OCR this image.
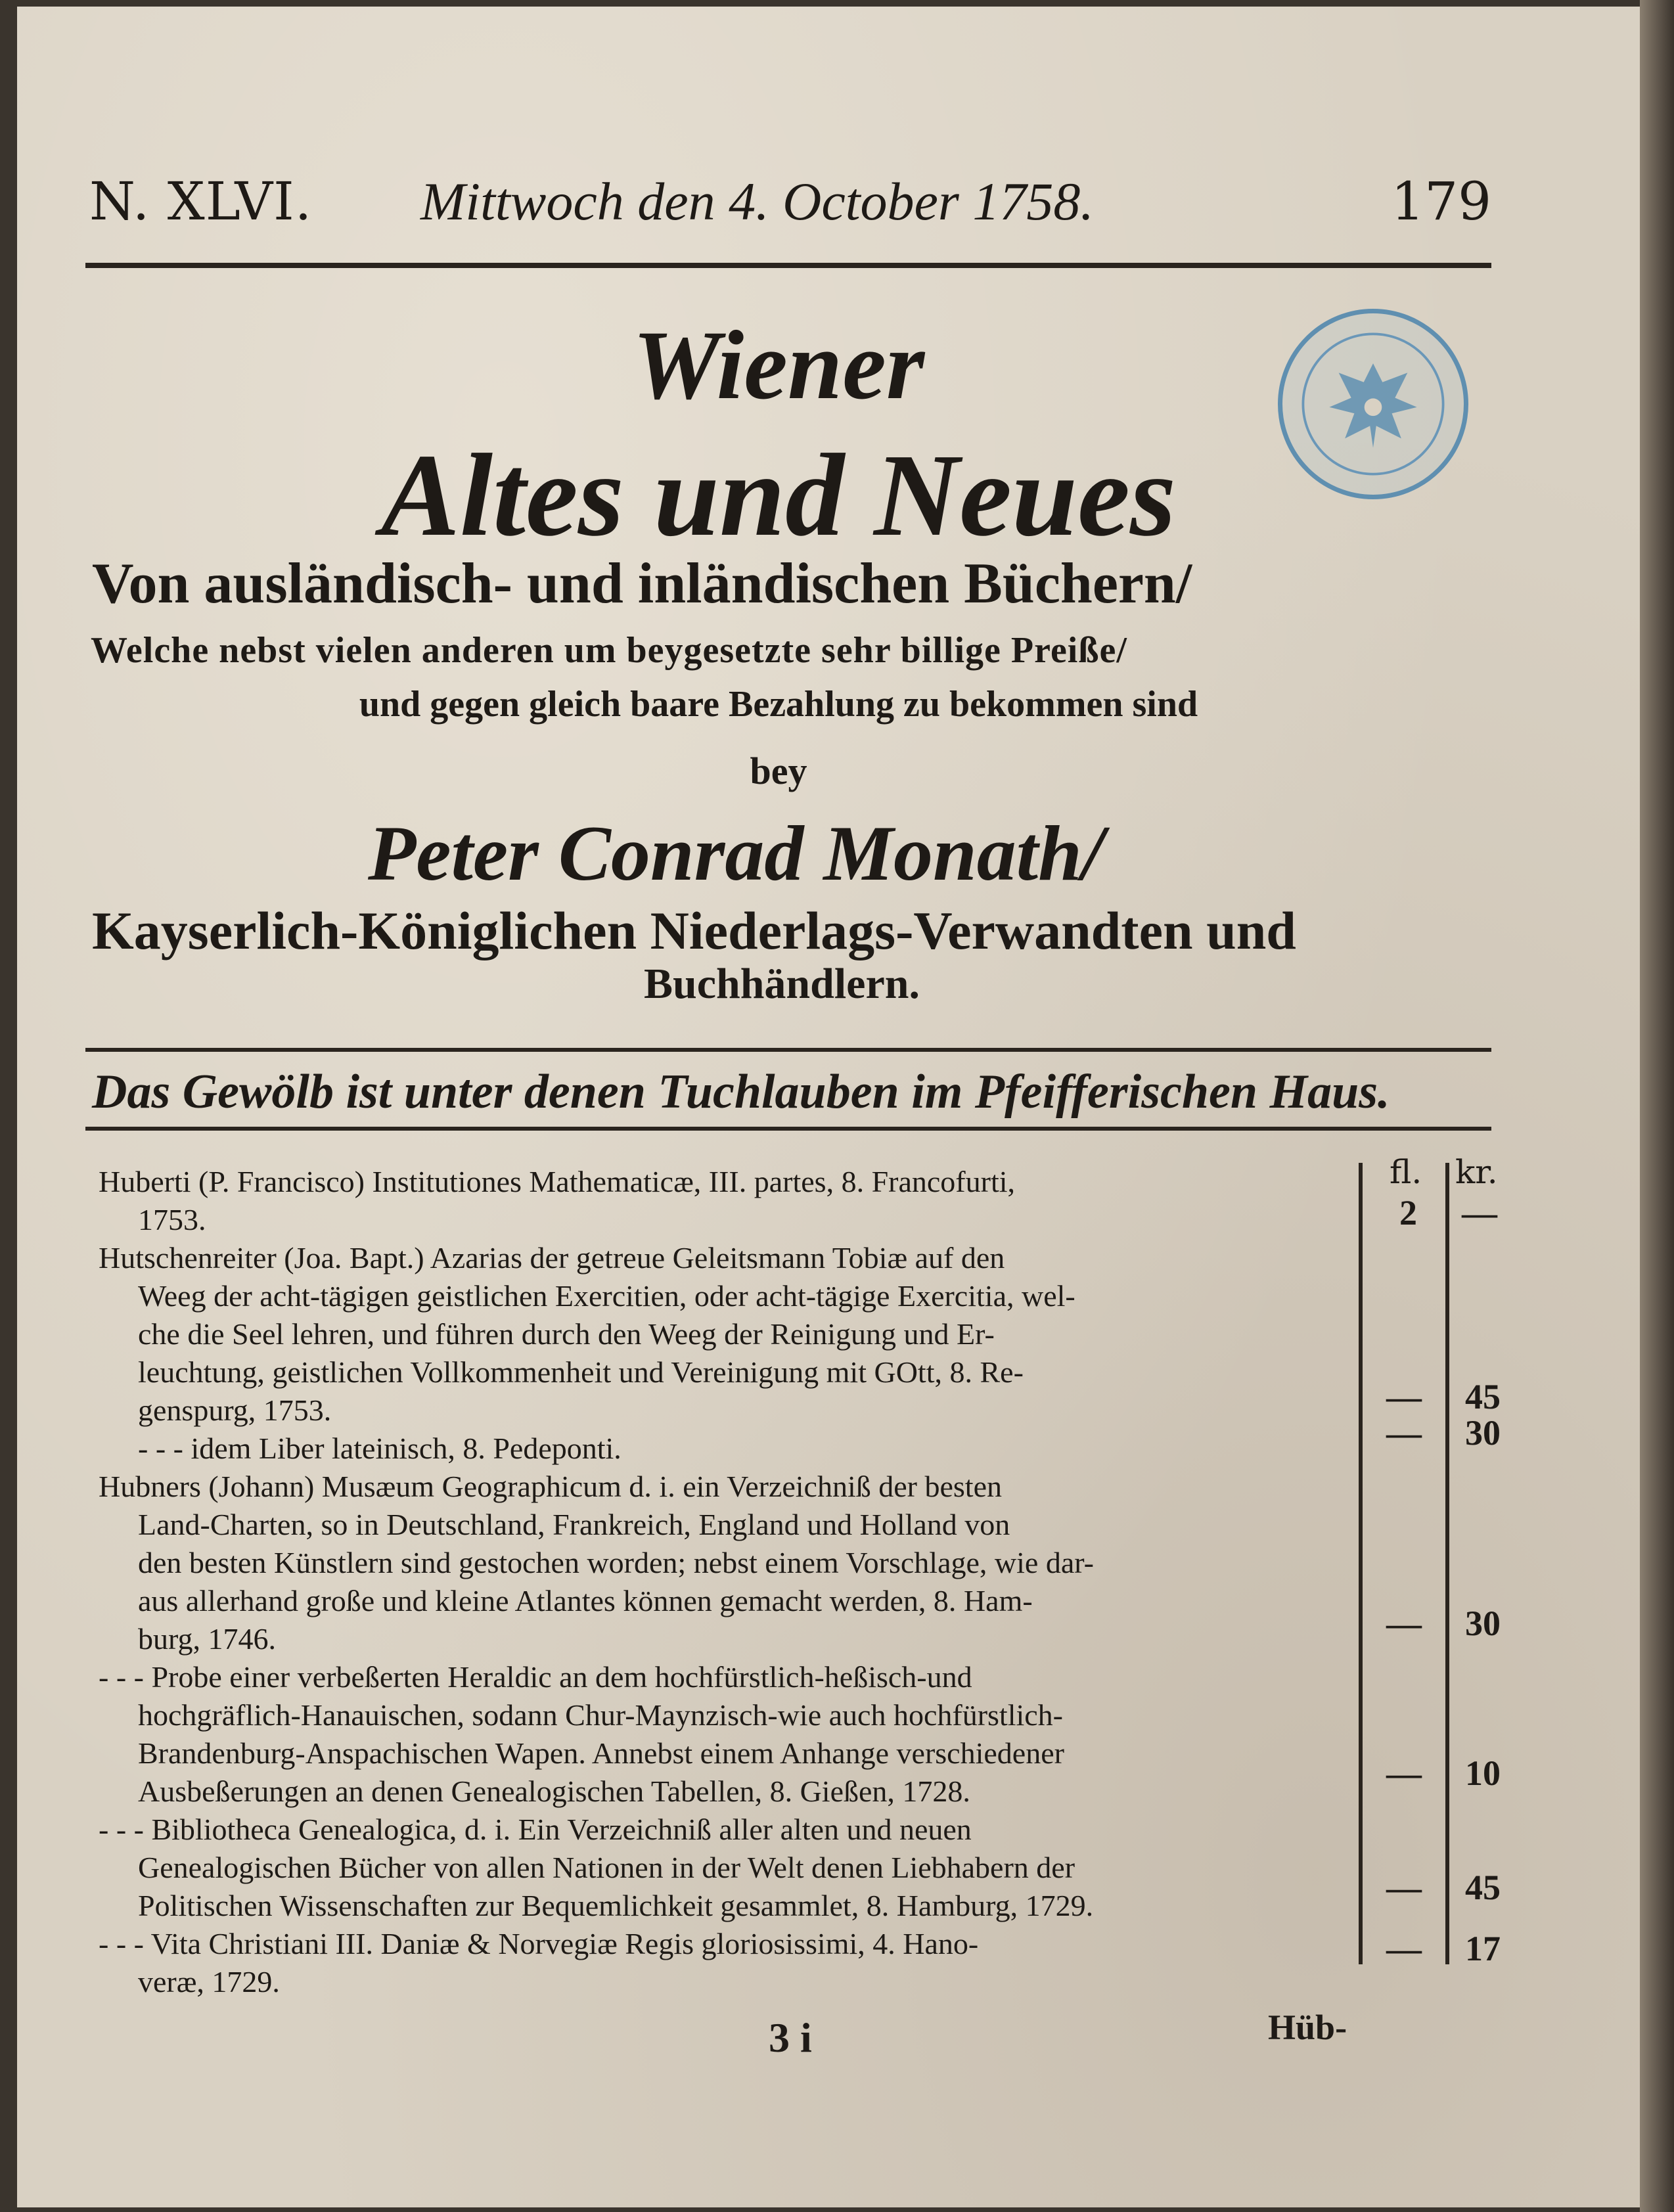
N. XLVI. Mittwoch den 4. October 1758.	179
Wiener
Altes und Neues
Von ausländisch- und inländischen Büchern/
Welche nebst vielen anderen um beygesetzte sehr billige Preiße/
und gegen gleich baare Bezahlung zu bekommen sind
bey
Peter Conrad Monath/
Kayserlich-Königlichen Niederlags-Verwandten und
Buchhändlern.
Das Gewölb ist unter denen Tuchlauben im Pfeifferischen Haus.
fl. kr.
Huberti (P. Francisco) Institutiones Mathematicæ, III. partes, 8. Francofurti,
1753.
Hutschenreiter (Joa. Bapt.) Azarias der getreue Geleitsmann Tobiæ auf den
Weeg der acht-tägigen geistlichen Exercitien, oder acht-tägige Exercitia, wel-
che die Seel lehren, und führen durch den Weeg der Reinigung und Er-
leuchtung, geistlichen Vollkommenheit und Vereinigung mit GOtt, 8. Re-
genspurg, 1753.
- - - idem Liber lateinisch, 8. Pedeponti.
Hubners (Johann) Musæum Geographicum d. i. ein Verzeichniß der besten
Land-Charten, so in Deutschland, Frankreich, England und Holland von
den besten Künstlern sind gestochen worden; nebst einem Vorschlage, wie dar-
aus allerhand große und kleine Atlantes können gemacht werden, 8. Ham-
burg, 1746.
- - - Probe einer verbeßerten Heraldic an dem hochfürstlich-heßisch-und
hochgräflich-Hanauischen, sodann Chur-Maynzisch-wie auch hochfürstlich-
Brandenburg-Anspachischen Wapen. Annebst einem Anhange verschiedener
Ausbeßerungen an denen Genealogischen Tabellen, 8. Gießen, 1728.
- - - Bibliotheca Genealogica, d. i. Ein Verzeichniß aller alten und neuen
Genealogischen Bücher von allen Nationen in der Welt denen Liebhabern der
Politischen Wissenschaften zur Bequemlichkeit gesammlet, 8. Hamburg, 1729.
- - - Vita Christiani III. Daniæ & Norvegiæ Regis gloriosissimi, 4. Hano-
veræ, 1729.
2 —
— 45
— 30
— 30
— 10
— 45
— 17
3 i	Hüb-
